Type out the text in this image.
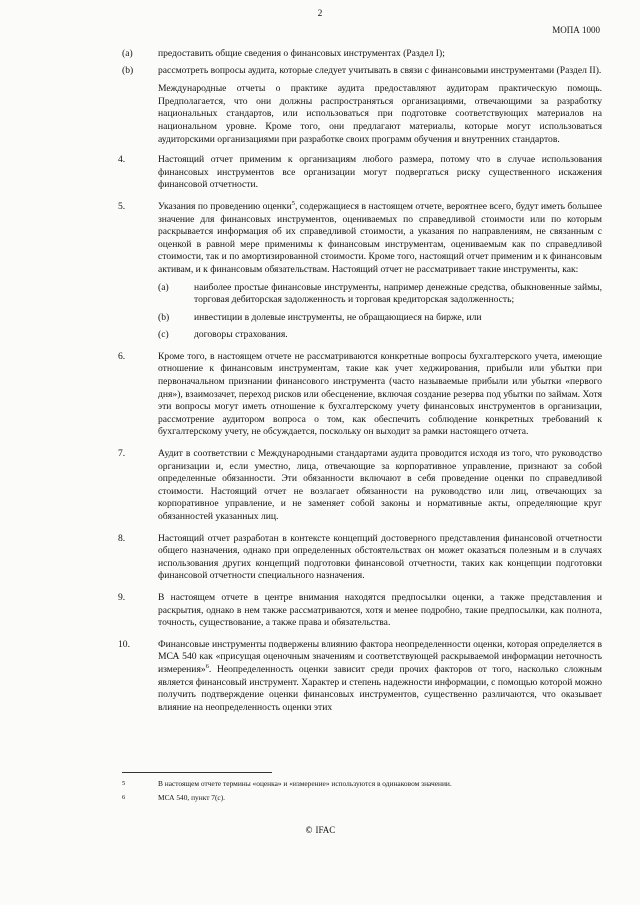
2
МОПА 1000
(a)	предоставить общие сведения о финансовых инструментах (Раздел I);
(b)	рассмотреть вопросы аудита, которые следует учитывать в связи с финансовыми инструментами (Раздел II).

Международные отчеты о практике аудита предоставляют аудиторам практическую помощь. Предполагается, что они должны распространяться организациями, отвечающими за разработку национальных стандартов, или использоваться при подготовке соответствующих материалов на национальном уровне. Кроме того, они предлагают материалы, которые могут использоваться аудиторскими организациями при разработке своих программ обучения и внутренних стандартов.

4.	Настоящий отчет применим к организациям любого размера, потому что в случае использования финансовых инструментов все организации могут подвергаться риску существенного искажения финансовой отчетности.

5.	Указания по проведению оценки$^5$, содержащиеся в настоящем отчете, вероятнее всего, будут иметь большее значение для финансовых инструментов, оцениваемых по справедливой стоимости или по которым раскрывается информация об их справедливой стоимости, а указания по направлениям, не связанным с оценкой в равной мере применимы к финансовым инструментам, оцениваемым как по справедливой стоимости, так и по амортизированной стоимости. Кроме того, настоящий отчет применим и к финансовым активам, и к финансовым обязательствам. Настоящий отчет не рассматривает такие инструменты, как:

(a)	наиболее простые финансовые инструменты, например денежные средства, обыкновенные займы, торговая дебиторская задолженность и торговая кредиторская задолженность;
(b)	инвестиции в долевые инструменты, не обращающиеся на бирже, или
(c)	договоры страхования.
6.	Кроме того, в настоящем отчете не рассматриваются конкретные вопросы бухгалтерского учета, имеющие отношение к финансовым инструментам, такие как учет хеджирования, прибыли или убытки при первоначальном признании финансового инструмента (часто называемые прибыли или убытки «первого дня»), взаимозачет, переход рисков или обесценение, включая создание резерва под убытки по займам. Хотя эти вопросы могут иметь отношение к бухгалтерскому учету финансовых инструментов в организации, рассмотрение аудитором вопроса о том, как обеспечить соблюдение конкретных требований к бухгалтерскому учету, не обсуждается, поскольку он выходит за рамки настоящего отчета.

7.	Аудит в соответствии с Международными стандартами аудита проводится исходя из того, что руководство организации и, если уместно, лица, отвечающие за корпоративное управление, признают за собой определенные обязанности. Эти обязанности включают в себя проведение оценки по справедливой стоимости. Настоящий отчет не возлагает обязанности на руководство или лиц, отвечающих за корпоративное управление, и не заменяет собой законы и нормативные акты, определяющие круг обязанностей указанных лиц.

8.	Настоящий отчет разработан в контексте концепций достоверного представления финансовой отчетности общего назначения, однако при определенных обстоятельствах он может оказаться полезным и в случаях использования других концепций подготовки финансовой отчетности, таких как концепции подготовки финансовой отчетности специального назначения.

9.	В настоящем отчете в центре внимания находятся предпосылки оценки, а также представления и раскрытия, однако в нем также рассматриваются, хотя и менее подробно, такие предпосылки, как полнота, точность, существование, а также права и обязательства.

10.	Финансовые инструменты подвержены влиянию фактора неопределенности оценки, которая определяется в МСА 540 как «присущая оценочным значениям и соответствующей раскрываемой информации неточность измерения»$^6$. Неопределенность оценки зависит среди прочих факторов от того, насколько сложным является финансовый инструмент. Характер и степень надежности информации, с помощью которой можно получить подтверждение оценки финансовых инструментов, существенно различаются, что оказывает влияние на неопределенность оценки этих

5	В настоящем отчете термины «оценка» и «измерение» используются в одинаковом значении.
6	МСА 540, пункт 7(c).
© IFAC
